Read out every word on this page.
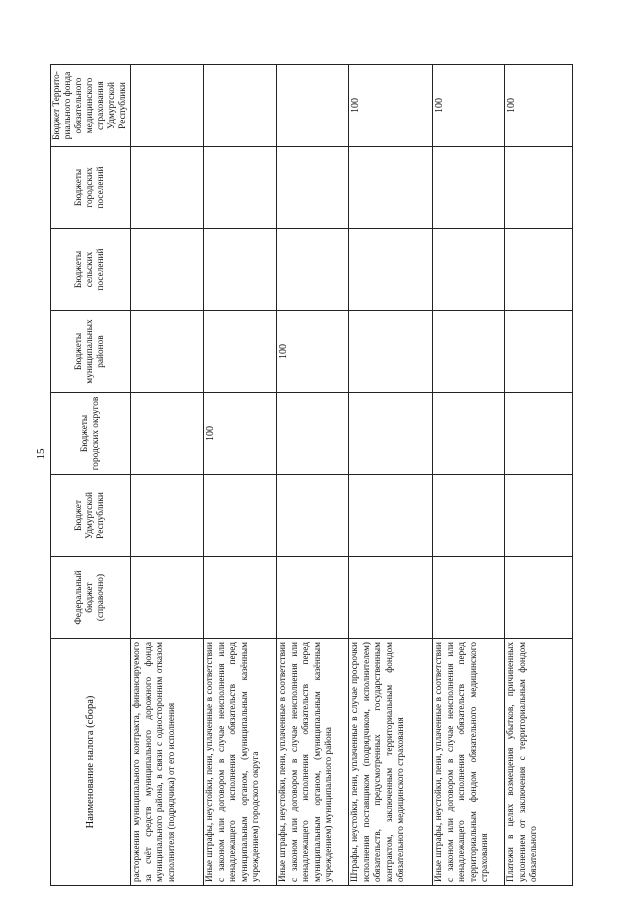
15
Наименование налога (сбора)	Федеральный бюджет (справочно)	Бюджет Удмуртской Республики	Бюджеты городских округов	Бюджеты муниципальных районов	Бюджеты сельских поселений	Бюджеты городских поселений	Бюджет Террито-риального фонда обязательного медицинского страхования Удмуртской Республики

расторжении муниципального контракта, финансируемого за счёт средств муниципального дорожного фонда муниципального района, в связи с односторонним отказом исполнителя (подрядчика) от его исполнения							

Иные штрафы, неустойки, пени, уплаченные в соответствии с законом или договором в случае неисполнения или ненадлежащего исполнения обязательств перед муниципальным органом, (муниципальным казённым учреждением) городского округа			100				

Иные штрафы, неустойки, пени, уплаченные в соответствии с законом или договором в случае неисполнения или ненадлежащего исполнения обязательств перед муниципальным органом, (муниципальным казённым учреждением) муниципального района				100			

Штрафы, неустойки, пени, уплаченные в случае просрочки исполнения поставщиком (подрядчиком, исполнителем) обязательств, предусмотренных государственным контрактом, заключенным территориальным фондом обязательного медицинского страхования							100

Иные штрафы, неустойки, пени, уплаченные в соответствии с законом или договором в случае неисполнения или ненадлежащего исполнения обязательств перед территориальным фондом обязательного медицинского страхования							100

Платежи в целях возмещения убытков, причиненных уклонением от заключения с территориальным фондом обязательного							100
